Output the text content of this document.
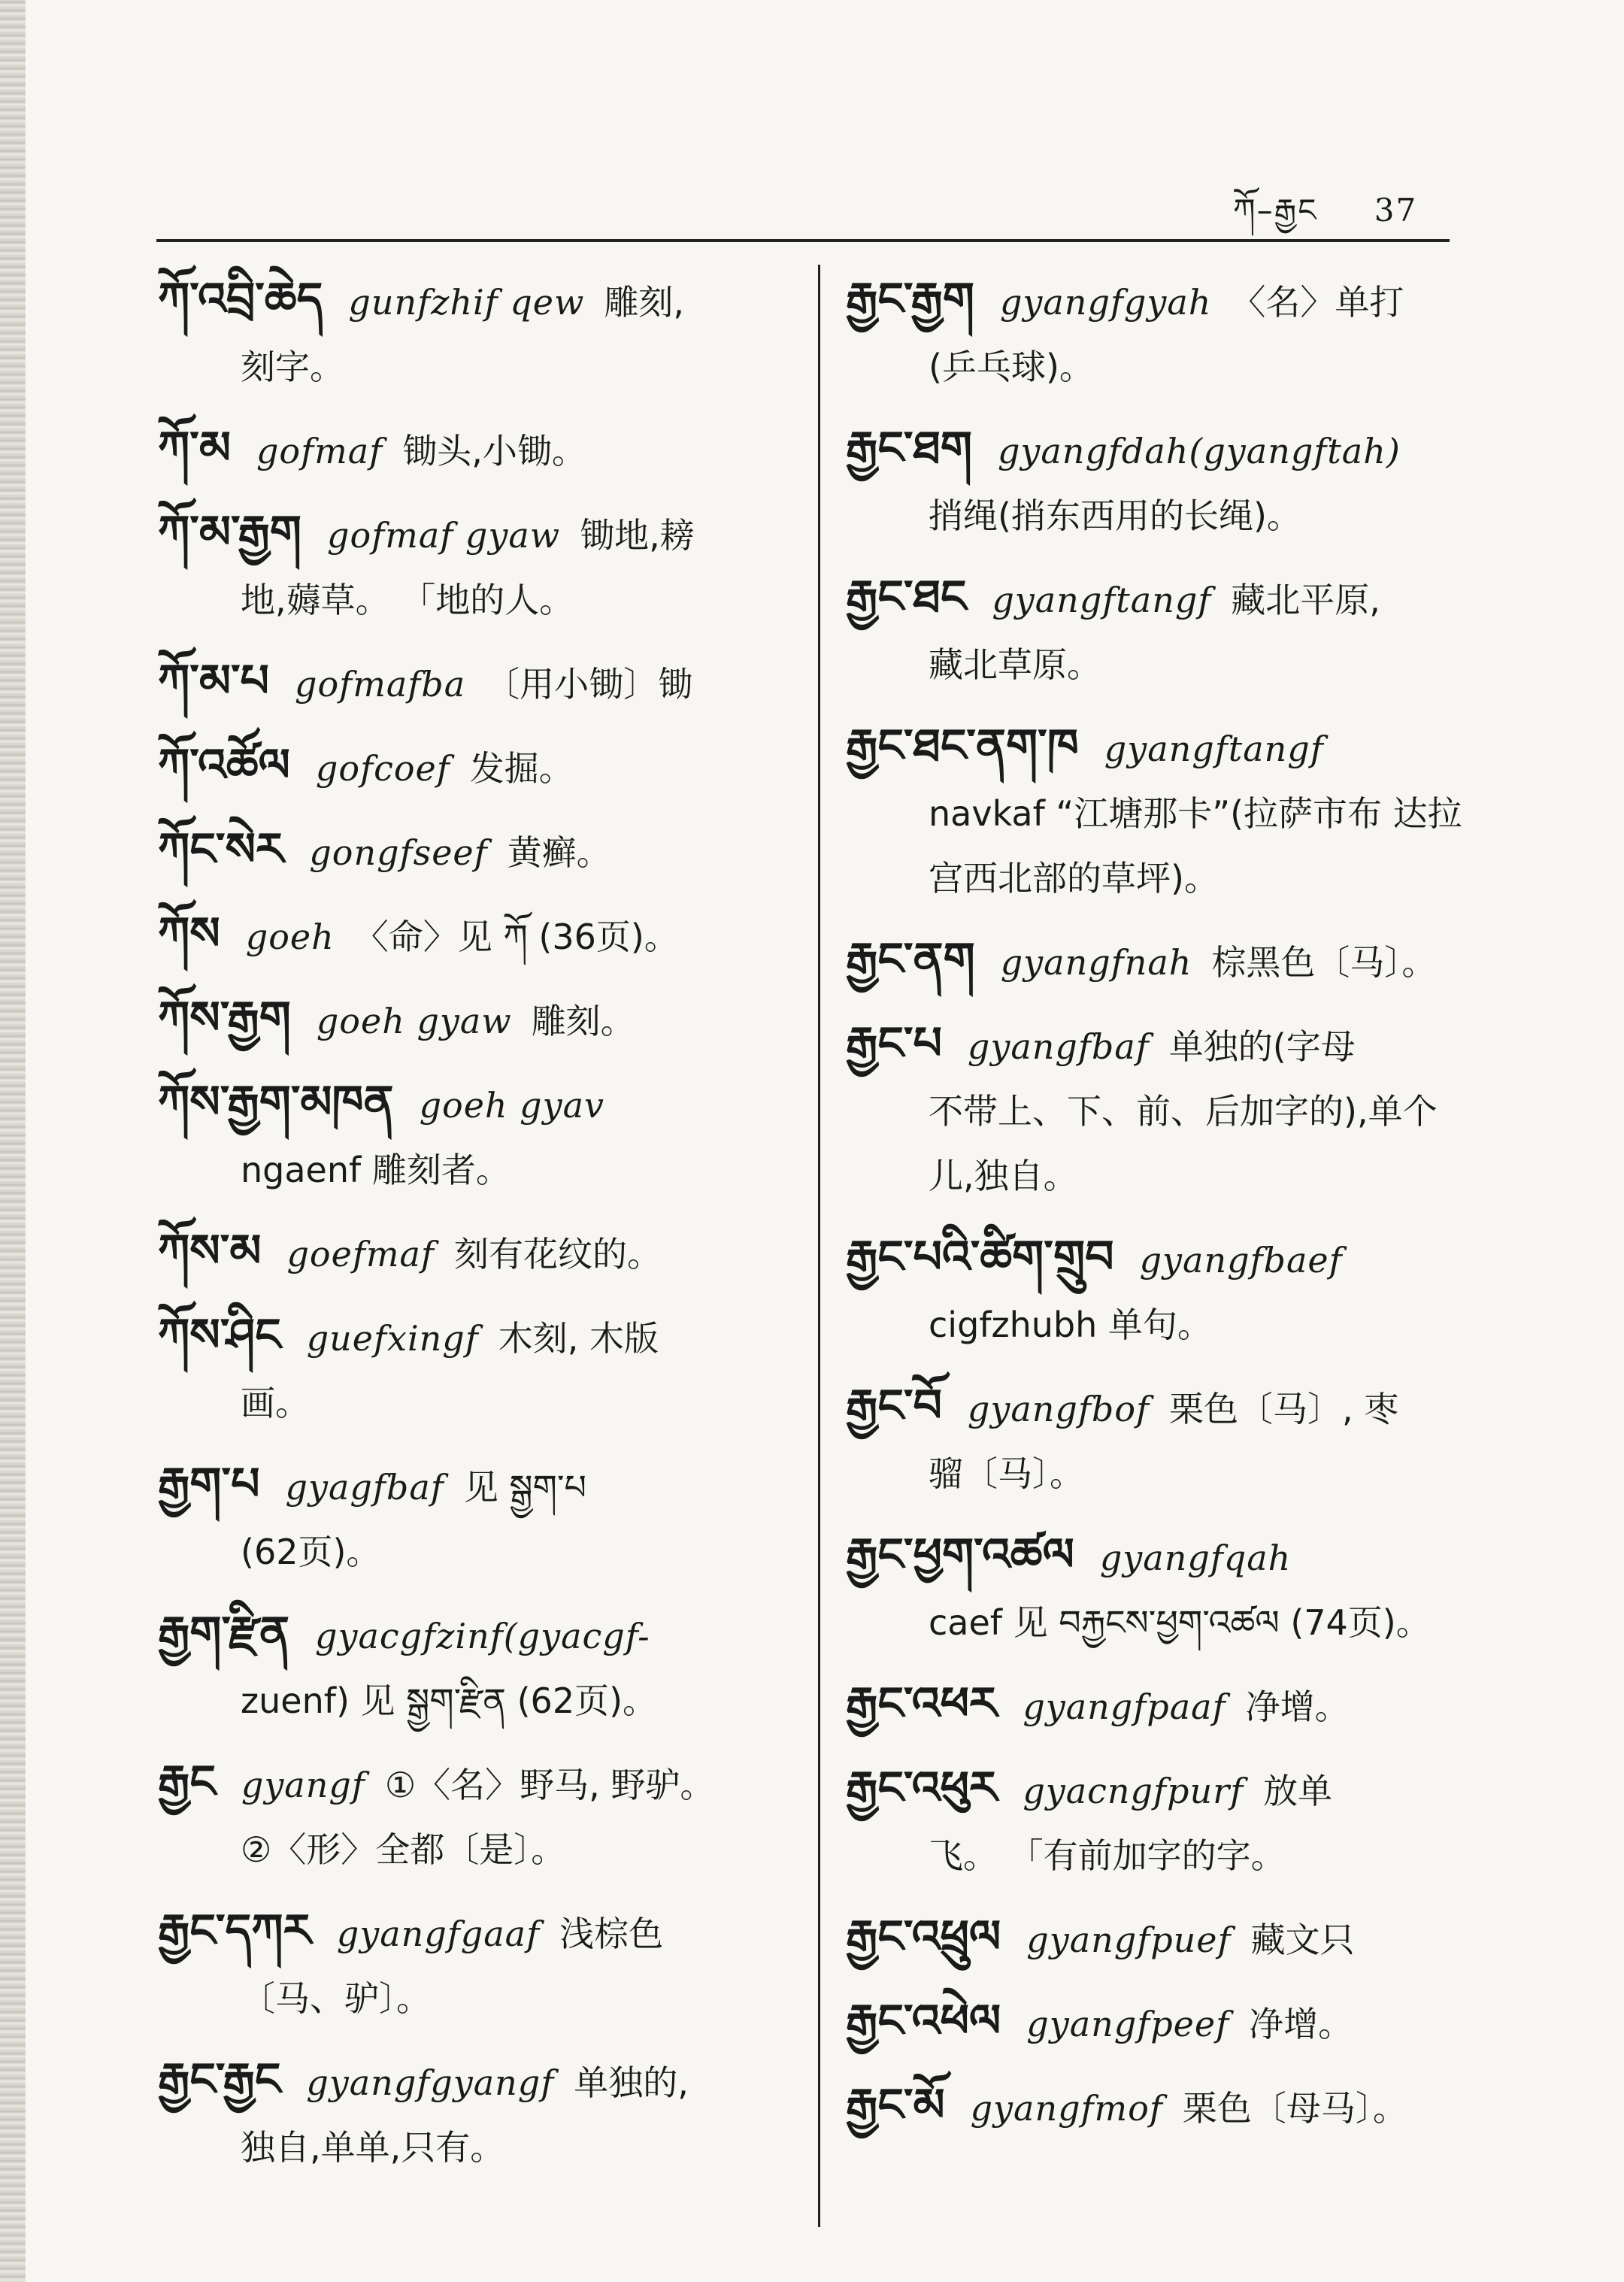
ཀོ–རྒྱང 37
ཀོ་འབྲི་ཆེད gunfzhif qew 雕刻,
刻字。
ཀོ་མ gofmaf 锄头,小锄。
ཀོ་མ་རྒྱག gofmaf gyaw 锄地,耪
地,薅草。 「地的人。
ཀོ་མ་པ gofmafba 〔用小锄〕锄
ཀོ་འཚོལ gofcoef 发掘。
ཀོང་སེར gongfseef 黄癣。
ཀོས goeh 〈命〉见 ཀོ (36页)。
ཀོས་རྒྱག goeh gyaw 雕刻。
ཀོས་རྒྱག་མཁན goeh gyav
ngaenf 雕刻者。
ཀོས་མ goefmaf 刻有花纹的。
ཀོས་ཤིང guefxingf 木刻, 木版
画。
རྒྱག་པ gyagfbaf 见 སྒྱག་པ
(62页)。
རྒྱག་རྫིན gyacgfzinf(gyacgf-
zuenf) 见 སྒྱག་རྫིན (62页)。
རྒྱང gyangf ①〈名〉野马, 野驴。
②〈形〉全都〔是〕。
རྒྱང་དཀར gyangfgaaf 浅棕色
〔马、驴〕。
རྒྱང་རྒྱང gyangfgyangf 单独的,
独自,单单,只有。
རྒྱང་རྒྱག gyangfgyah 〈名〉单打
(乒乓球)。
རྒྱང་ཐག gyangfdah(gyangftah)
捎绳(捎东西用的长绳)。
རྒྱང་ཐང gyangftangf 藏北平原,
藏北草原。
རྒྱང་ཐང་ནག་ཁ gyangftangf
navkaf “江塘那卡”(拉萨市布 达拉宫西北部的草坪)。
རྒྱང་ནག gyangfnah 棕黑色〔马〕。
རྒྱང་པ gyangfbaf 单独的(字母
不带上、下、前、后加字的),单个 儿,独自。
རྒྱང་པའི་ཚིག་གྲུབ gyangfbaef
cigfzhubh 单句。
རྒྱང་བོ gyangfbof 栗色〔马〕, 枣
骝〔马〕。
རྒྱང་ཕྱག་འཚལ gyangfqah
caef 见 བརྐྱངས་ཕྱག་འཚལ (74页)。
རྒྱང་འཕར gyangfpaaf 净增。
རྒྱང་འཕུར gyacngfpurf 放单
飞。 「有前加字的字。
རྒྱང་འཕྲུལ gyangfpuef 藏文只
རྒྱང་འཕེལ gyangfpeef 净增。
རྒྱང་མོ gyangfmof 栗色〔母马〕。
